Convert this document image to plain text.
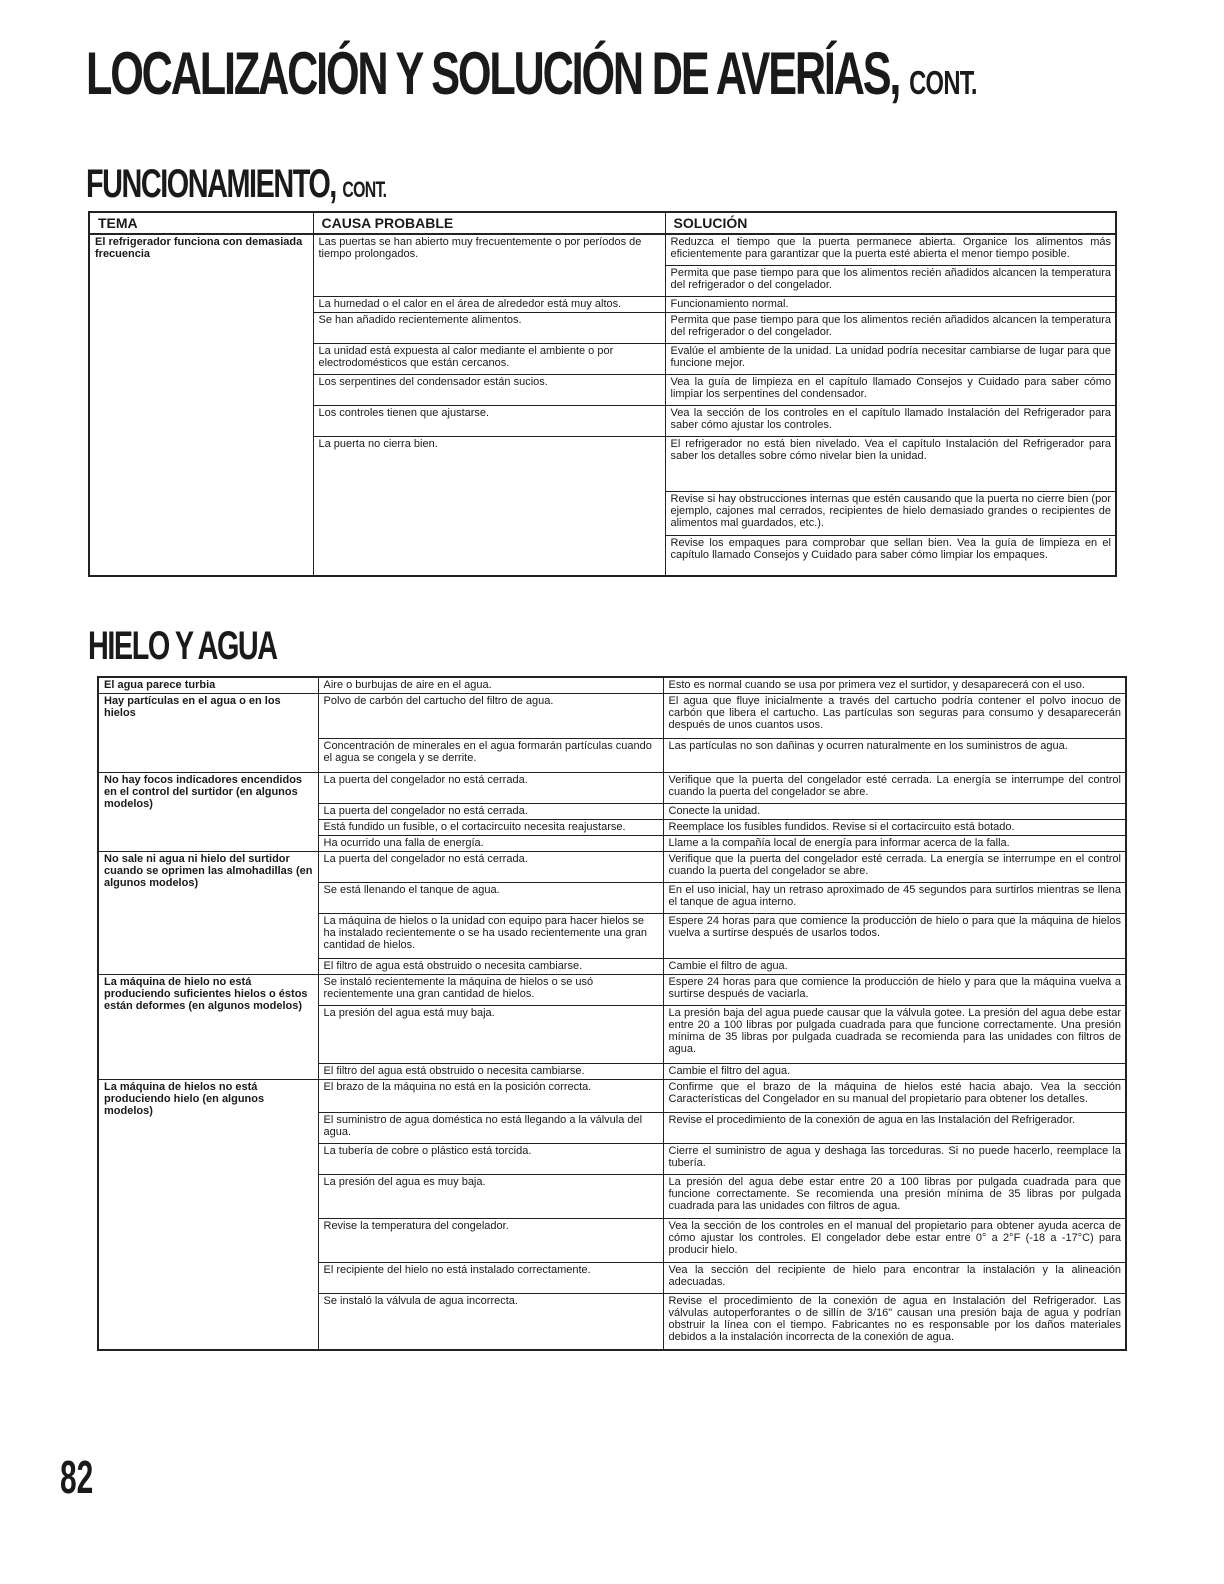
LOCALIZACIÓN Y SOLUCIÓN DE AVERÍAS, CONT.
FUNCIONAMIENTO, CONT.
TEMA	CAUSA PROBABLE	SOLUCIÓN
El refrigerador funciona con demasiada frecuencia	Las puertas se han abierto muy frecuentemente o por períodos de tiempo prolongados.	Reduzca el tiempo que la puerta permanece abierta. Organice los alimentos más eficientemente para garantizar que la puerta esté abierta el menor tiempo posible.
		Permita que pase tiempo para que los alimentos recién añadidos alcancen la temperatura del refrigerador o del congelador.
	La humedad o el calor en el área de alrededor está muy altos.	Funcionamiento normal.
	Se han añadido recientemente alimentos.	Permita que pase tiempo para que los alimentos recién añadidos alcancen la temperatura del refrigerador o del congelador.
	La unidad está expuesta al calor mediante el ambiente o por electrodomésticos que están cercanos.	Evalúe el ambiente de la unidad. La unidad podría necesitar cambiarse de lugar para que funcione mejor.
	Los serpentines del condensador están sucios.	Vea la guía de limpieza en el capítulo llamado Consejos y Cuidado para saber cómo limpiar los serpentines del condensador.
	Los controles tienen que ajustarse.	Vea la sección de los controles en el capítulo llamado Instalación del Refrigerador para saber cómo ajustar los controles.
	La puerta no cierra bien.	El refrigerador no está bien nivelado. Vea el capítulo Instalación del Refrigerador para saber los detalles sobre cómo nivelar bien la unidad.
		Revise si hay obstrucciones internas que estén causando que la puerta no cierre bien (por ejemplo, cajones mal cerrados, recipientes de hielo demasiado grandes o recipientes de alimentos mal guardados, etc.).
		Revise los empaques para comprobar que sellan bien. Vea la guía de limpieza en el capítulo llamado Consejos y Cuidado para saber cómo limpiar los empaques.
HIELO Y AGUA
El agua parece turbia	Aire o burbujas de aire en el agua.	Esto es normal cuando se usa por primera vez el surtidor, y desaparecerá con el uso.
Hay partículas en el agua o en los hielos	Polvo de carbón del cartucho del filtro de agua.	El agua que fluye inicialmente a través del cartucho podría contener el polvo inocuo de carbón que libera el cartucho. Las partículas son seguras para consumo y desaparecerán después de unos cuantos usos.
	Concentración de minerales en el agua formarán partículas cuando el agua se congela y se derrite.	Las partículas no son dañinas y ocurren naturalmente en los suministros de agua.
No hay focos indicadores encendidos en el control del surtidor (en algunos modelos)	La puerta del congelador no está cerrada.	Verifique que la puerta del congelador esté cerrada. La energía se interrumpe del control cuando la puerta del congelador se abre.
	La puerta del congelador no está cerrada.	Conecte la unidad.
	Está fundido un fusible, o el cortacircuito necesita reajustarse.	Reemplace los fusibles fundidos. Revise si el cortacircuito está botado.
	Ha ocurrido una falla de energía.	Llame a la compañía local de energía para informar acerca de la falla.
No sale ni agua ni hielo del surtidor cuando se oprimen las almohadillas (en algunos modelos)	La puerta del congelador no está cerrada.	Verifique que la puerta del congelador esté cerrada. La energía se interrumpe en el control cuando la puerta del congelador se abre.
	Se está llenando el tanque de agua.	En el uso inicial, hay un retraso aproximado de 45 segundos para surtirlos mientras se llena el tanque de agua interno.
	La máquina de hielos o la unidad con equipo para hacer hielos se ha instalado recientemente o se ha usado recientemente una gran cantidad de hielos.	Espere 24 horas para que comience la producción de hielo o para que la máquina de hielos vuelva a surtirse después de usarlos todos.
	El filtro de agua está obstruido o necesita cambiarse.	Cambie el filtro de agua.
La máquina de hielo no está produciendo suficientes hielos o éstos están deformes (en algunos modelos)	Se instaló recientemente la máquina de hielos o se usó recientemente una gran cantidad de hielos.	Espere 24 horas para que comience la producción de hielo y para que la máquina vuelva a surtirse después de vaciarla.
	La presión del agua está muy baja.	La presión baja del agua puede causar que la válvula gotee. La presión del agua debe estar entre 20 a 100 libras por pulgada cuadrada para que funcione correctamente. Una presión mínima de 35 libras por pulgada cuadrada se recomienda para las unidades con filtros de agua.
	El filtro del agua está obstruido o necesita cambiarse.	Cambie el filtro del agua.
La máquina de hielos no está produciendo hielo (en algunos modelos)	El brazo de la máquina no está en la posición correcta.	Confirme que el brazo de la máquina de hielos esté hacia abajo. Vea la sección Características del Congelador en su manual del propietario para obtener los detalles.
	El suministro de agua doméstica no está llegando a la válvula del agua.	Revise el procedimiento de la conexión de agua en las Instalación del Refrigerador.
	La tubería de cobre o plástico está torcida.	Cierre el suministro de agua y deshaga las torceduras. Si no puede hacerlo, reemplace la tubería.
	La presión del agua es muy baja.	La presión del agua debe estar entre 20 a 100 libras por pulgada cuadrada para que funcione correctamente. Se recomienda una presión mínima de 35 libras por pulgada cuadrada para las unidades con filtros de agua.
	Revise la temperatura del congelador.	Vea la sección de los controles en el manual del propietario para obtener ayuda acerca de cómo ajustar los controles. El congelador debe estar entre 0° a 2°F (-18 a -17°C) para producir hielo.
	El recipiente del hielo no está instalado correctamente.	Vea la sección del recipiente de hielo para encontrar la instalación y la alineación adecuadas.
	Se instaló la válvula de agua incorrecta.	Revise el procedimiento de la conexión de agua en Instalación del Refrigerador. Las válvulas autoperforantes o de sillín de 3/16" causan una presión baja de agua y podrían obstruir la línea con el tiempo. Fabricantes no es responsable por los daños materiales debidos a la instalación incorrecta de la conexión de agua.

82
